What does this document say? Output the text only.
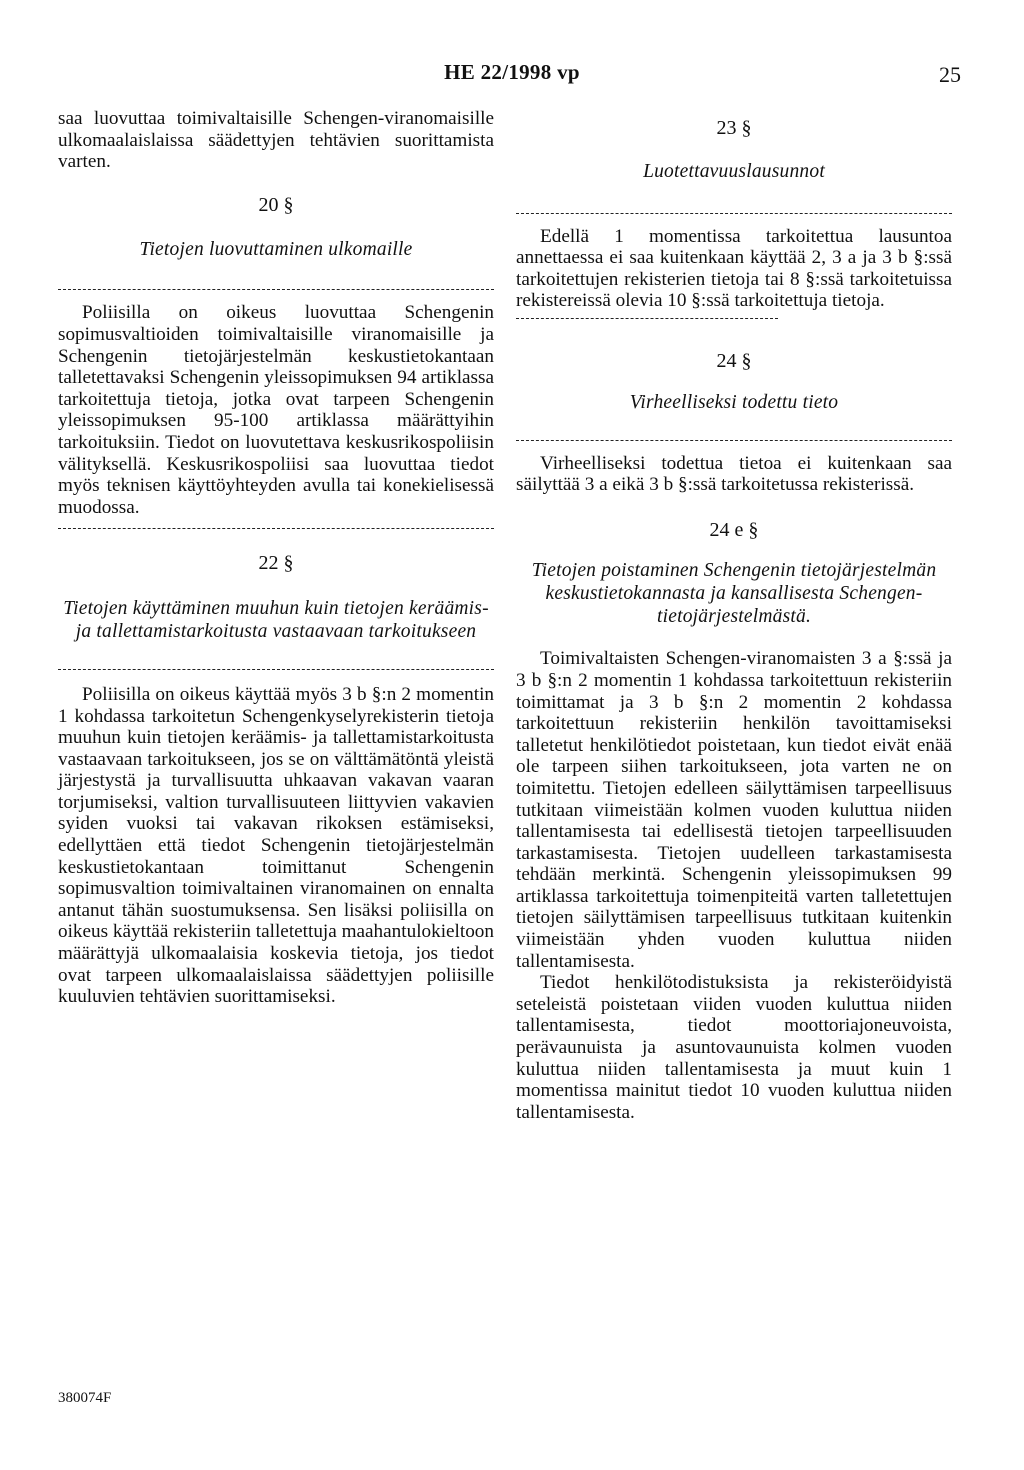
HE 22/1998 vp	25

saa luovuttaa toimivaltaisille Schengen-viranomaisille ulkomaalaislaissa säädettyjen tehtävien suorittamista varten.

20 §

Tietojen luovuttaminen ulkomaille

Poliisilla on oikeus luovuttaa Schengenin sopimusvaltioiden toimivaltaisille viranomaisille ja Schengenin tietojärjestelmän keskustietokantaan talletettavaksi Schengenin yleissopimuksen 94 artiklassa tarkoitettuja tietoja, jotka ovat tarpeen Schengenin yleissopimuksen 95-100 artiklassa määrättyihin tarkoituksiin. Tiedot on luovutettava keskusrikospoliisin välityksellä. Keskusrikospoliisi saa luovuttaa tiedot myös teknisen käyttöyhteyden avulla tai konekielisessä muodossa.

22 §

Tietojen käyttäminen muuhun kuin tietojen keräämis- ja tallettamistarkoitusta vastaavaan tarkoitukseen

Poliisilla on oikeus käyttää myös 3 b §:n 2 momentin 1 kohdassa tarkoitetun Schengenkyselyrekisterin tietoja muuhun kuin tietojen keräämis- ja tallettamistarkoitusta vastaavaan tarkoitukseen, jos se on välttämätöntä yleistä järjestystä ja turvallisuutta uhkaavan vakavan vaaran torjumiseksi, valtion turvallisuuteen liittyvien vakavien syiden vuoksi tai vakavan rikoksen estämiseksi, edellyttäen että tiedot Schengenin tietojärjestelmän keskustietokantaan toimittanut Schengenin sopimusvaltion toimivaltainen viranomainen on ennalta antanut tähän suostumuksensa. Sen lisäksi poliisilla on oikeus käyttää rekisteriin talletettuja maahantulokieltoon määrättyjä ulkomaalaisia koskevia tietoja, jos tiedot ovat tarpeen ulkomaalaislaissa säädettyjen poliisille kuuluvien tehtävien suorittamiseksi.

23 §

Luotettavuuslausunnot

Edellä 1 momentissa tarkoitettua lausuntoa annettaessa ei saa kuitenkaan käyttää 2, 3 a ja 3 b §:ssä tarkoitettujen rekisterien tietoja tai 8 §:ssä tarkoitetuissa rekistereissä olevia 10 §:ssä tarkoitettuja tietoja.

24 §

Virheelliseksi todettu tieto

Virheelliseksi todettua tietoa ei kuitenkaan saa säilyttää 3 a eikä 3 b §:ssä tarkoitetussa rekisterissä.

24 e §

Tietojen poistaminen Schengenin tietojärjestelmän keskustietokannasta ja kansallisesta Schengen-tietojärjestelmästä.

Toimivaltaisten Schengen-viranomaisten 3 a §:ssä ja 3 b §:n 2 momentin 1 kohdassa tarkoitettuun rekisteriin toimittamat ja 3 b §:n 2 momentin 2 kohdassa tarkoitettuun rekisteriin henkilön tavoittamiseksi talletetut henkilötiedot poistetaan, kun tiedot eivät enää ole tarpeen siihen tarkoitukseen, jota varten ne on toimitettu. Tietojen edelleen säilyttämisen tarpeellisuus tutkitaan viimeistään kolmen vuoden kuluttua niiden tallentamisesta tai edellisestä tietojen tarpeellisuuden tarkastamisesta. Tietojen uudelleen tarkastamisesta tehdään merkintä. Schengenin yleissopimuksen 99 artiklassa tarkoitettuja toimenpiteitä varten talletettujen tietojen säilyttämisen tarpeellisuus tutkitaan kuitenkin viimeistään yhden vuoden kuluttua niiden tallentamisesta.

Tiedot henkilötodistuksista ja rekisteröidyistä seteleistä poistetaan viiden vuoden kuluttua niiden tallentamisesta, tiedot moottoriajoneuvoista, perävaunuista ja asuntovaunuista kolmen vuoden kuluttua niiden tallentamisesta ja muut kuin 1 momentissa mainitut tiedot 10 vuoden kuluttua niiden tallentamisesta.

380074F
